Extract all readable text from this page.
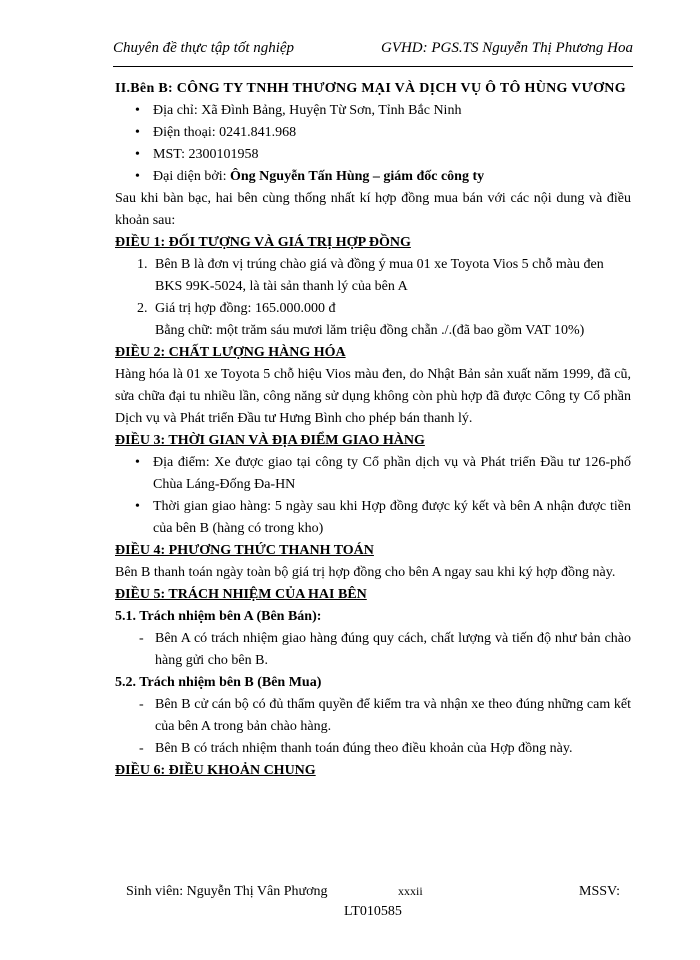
Chuyên đề thực tập tốt nghiệp	GVHD: PGS.TS Nguyễn Thị Phương Hoa

II.Bên B: CÔNG TY TNHH THƯƠNG MẠI VÀ DỊCH VỤ Ô TÔ HÙNG VƯƠNG

• Địa chỉ: Xã Đình Bảng, Huyện Từ Sơn, Tỉnh Bắc Ninh
• Điện thoại: 0241.841.968
• MST: 2300101958
• Đại diện bởi: Ông Nguyễn Tấn Hùng – giám đốc công ty

Sau khi bàn bạc, hai bên cùng thống nhất kí hợp đồng mua bán với các nội dung và điều khoản sau:

ĐIỀU 1: ĐỐI TƯỢNG VÀ GIÁ TRỊ HỢP ĐỒNG

1. Bên B là đơn vị trúng chào giá và đồng ý mua 01 xe Toyota Vios 5 chỗ màu đen BKS 99K-5024, là tài sản thanh lý của bên A
2. Giá trị hợp đồng: 165.000.000 đ

Bằng chữ: một trăm sáu mươi lăm triệu đồng chẵn ./.(đã bao gồm VAT 10%)

ĐIỀU 2: CHẤT LƯỢNG HÀNG HÓA

Hàng hóa là 01 xe Toyota 5 chỗ hiệu Vios màu đen, do Nhật Bản sản xuất năm 1999, đã cũ, sửa chữa đại tu nhiều lần, công năng sử dụng không còn phù hợp đã được Công ty Cổ phần Dịch vụ và Phát triển Đầu tư Hưng Bình cho phép bán thanh lý.

ĐIỀU 3: THỜI GIAN VÀ ĐỊA ĐIỂM GIAO HÀNG

• Địa điểm: Xe được giao tại công ty Cổ phần dịch vụ và Phát triển Đầu tư 126-phố Chùa Láng-Đống Đa-HN
• Thời gian giao hàng: 5 ngày sau khi Hợp đồng được ký kết và bên A nhận được tiền của bên B (hàng có trong kho)

ĐIỀU 4: PHƯƠNG THỨC THANH TOÁN

Bên B thanh toán ngày toàn bộ giá trị hợp đồng cho bên A ngay sau khi ký hợp đồng này.

ĐIỀU 5: TRÁCH NHIỆM CỦA HAI BÊN

5.1. Trách nhiệm bên A (Bên Bán):

- Bên A có trách nhiệm giao hàng đúng quy cách, chất lượng và tiến độ như bản chào hàng gửi cho bên B.

5.2. Trách nhiệm bên B (Bên Mua)

- Bên B cử cán bộ có đủ thẩm quyền để kiểm tra và nhận xe theo đúng những cam kết của bên A trong bản chào hàng.
- Bên B có trách nhiệm thanh toán đúng theo điều khoản của Hợp đồng này.

ĐIỀU 6: ĐIỀU KHOẢN CHUNG

Sinh viên: Nguyễn Thị Vân Phương	xxxii	MSSV:
LT010585
